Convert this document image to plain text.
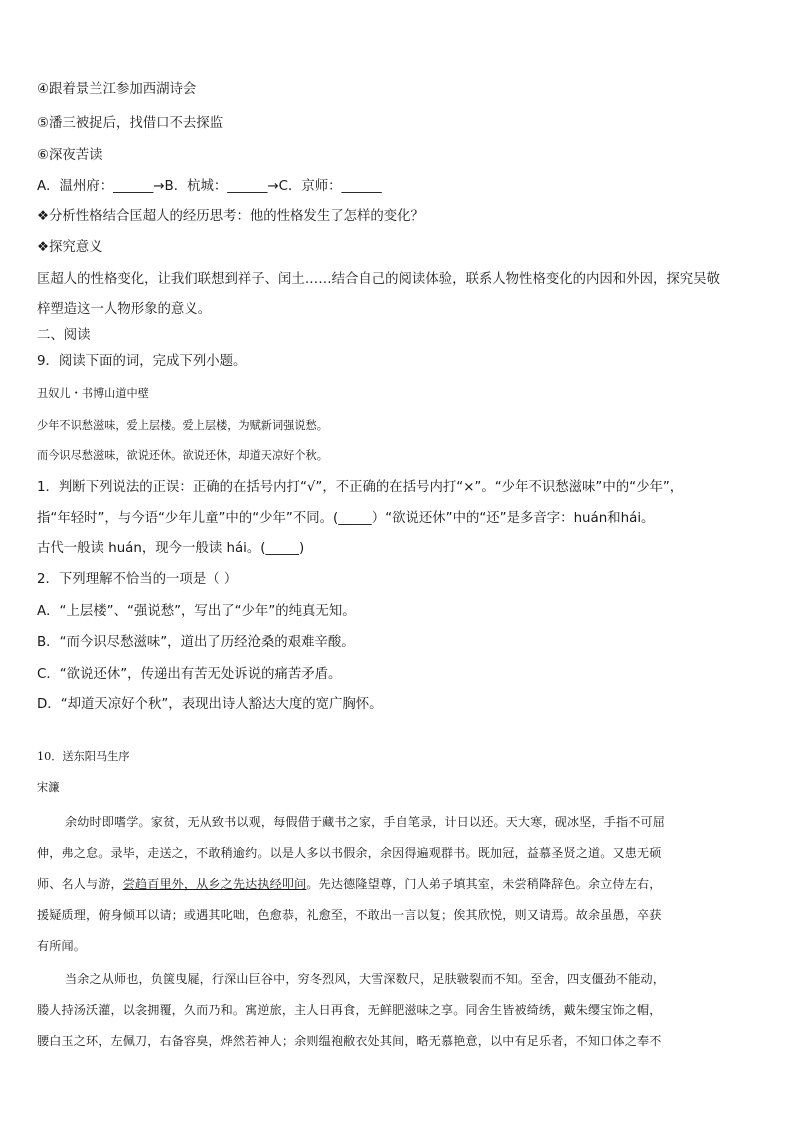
④跟着景兰江参加西湖诗会
⑤潘三被捉后，找借口不去探监
⑥深夜苦读
A．温州府：______→B．杭城：______→C．京师：______
❖分析性格结合匡超人的经历思考：他的性格发生了怎样的变化？
❖探究意义
匡超人的性格变化，让我们联想到祥子、闰土……结合自己的阅读体验，联系人物性格变化的内因和外因，探究吴敬
梓塑造这一人物形象的意义。
二、阅读
9．阅读下面的词，完成下列小题。
丑奴儿・书博山道中壁
少年不识愁滋味，爱上层楼。爱上层楼，为赋新词强说愁。
而今识尽愁滋味，欲说还休。欲说还休，却道天凉好个秋。
1．判断下列说法的正误：正确的在括号内打“√”，不正确的在括号内打“×”。“少年不识愁滋味”中的“少年”，
指“年轻时”，与今语“少年儿童”中的“少年”不同。(_____）“欲说还休”中的“还”是多音字：huán和hái。
古代一般读 huán，现今一般读 hái。(_____)
2．下列理解不恰当的一项是（ ）
A．“上层楼”、“强说愁”，写出了“少年”的纯真无知。
B．“而今识尽愁滋味”，道出了历经沧桑的艰难辛酸。
C．“欲说还休”，传递出有苦无处诉说的痛苦矛盾。
D．“却道天凉好个秋”，表现出诗人豁达大度的宽广胸怀。
10．送东阳马生序
宋濂
余幼时即嗜学。家贫，无从致书以观，每假借于藏书之家，手自笔录，计日以还。天大寒，砚冰坚，手指不可屈
伸，弗之怠。录毕，走送之，不敢稍逾约。以是人多以书假余，余因得遍观群书。既加冠，益慕圣贤之道。又患无硕
师、名人与游，尝趋百里外，从乡之先达执经叩问。先达德隆望尊，门人弟子填其室，未尝稍降辞色。余立侍左右，
援疑质理，俯身倾耳以请；或遇其叱咄，色愈恭，礼愈至，不敢出一言以复；俟其欣悦，则又请焉。故余虽愚，卒获
有所闻。
当余之从师也，负箧曳屣，行深山巨谷中，穷冬烈风，大雪深数尺，足肤皲裂而不知。至舍，四支僵劲不能动，
媵人持汤沃灌，以衾拥覆，久而乃和。寓逆旅，主人日再食，无鲜肥滋味之享。同舍生皆被绮绣，戴朱缨宝饰之帽，
腰白玉之环，左佩刀，右备容臭，烨然若神人；余则缊袍敝衣处其间，略无慕艳意，以中有足乐者，不知口体之奉不
